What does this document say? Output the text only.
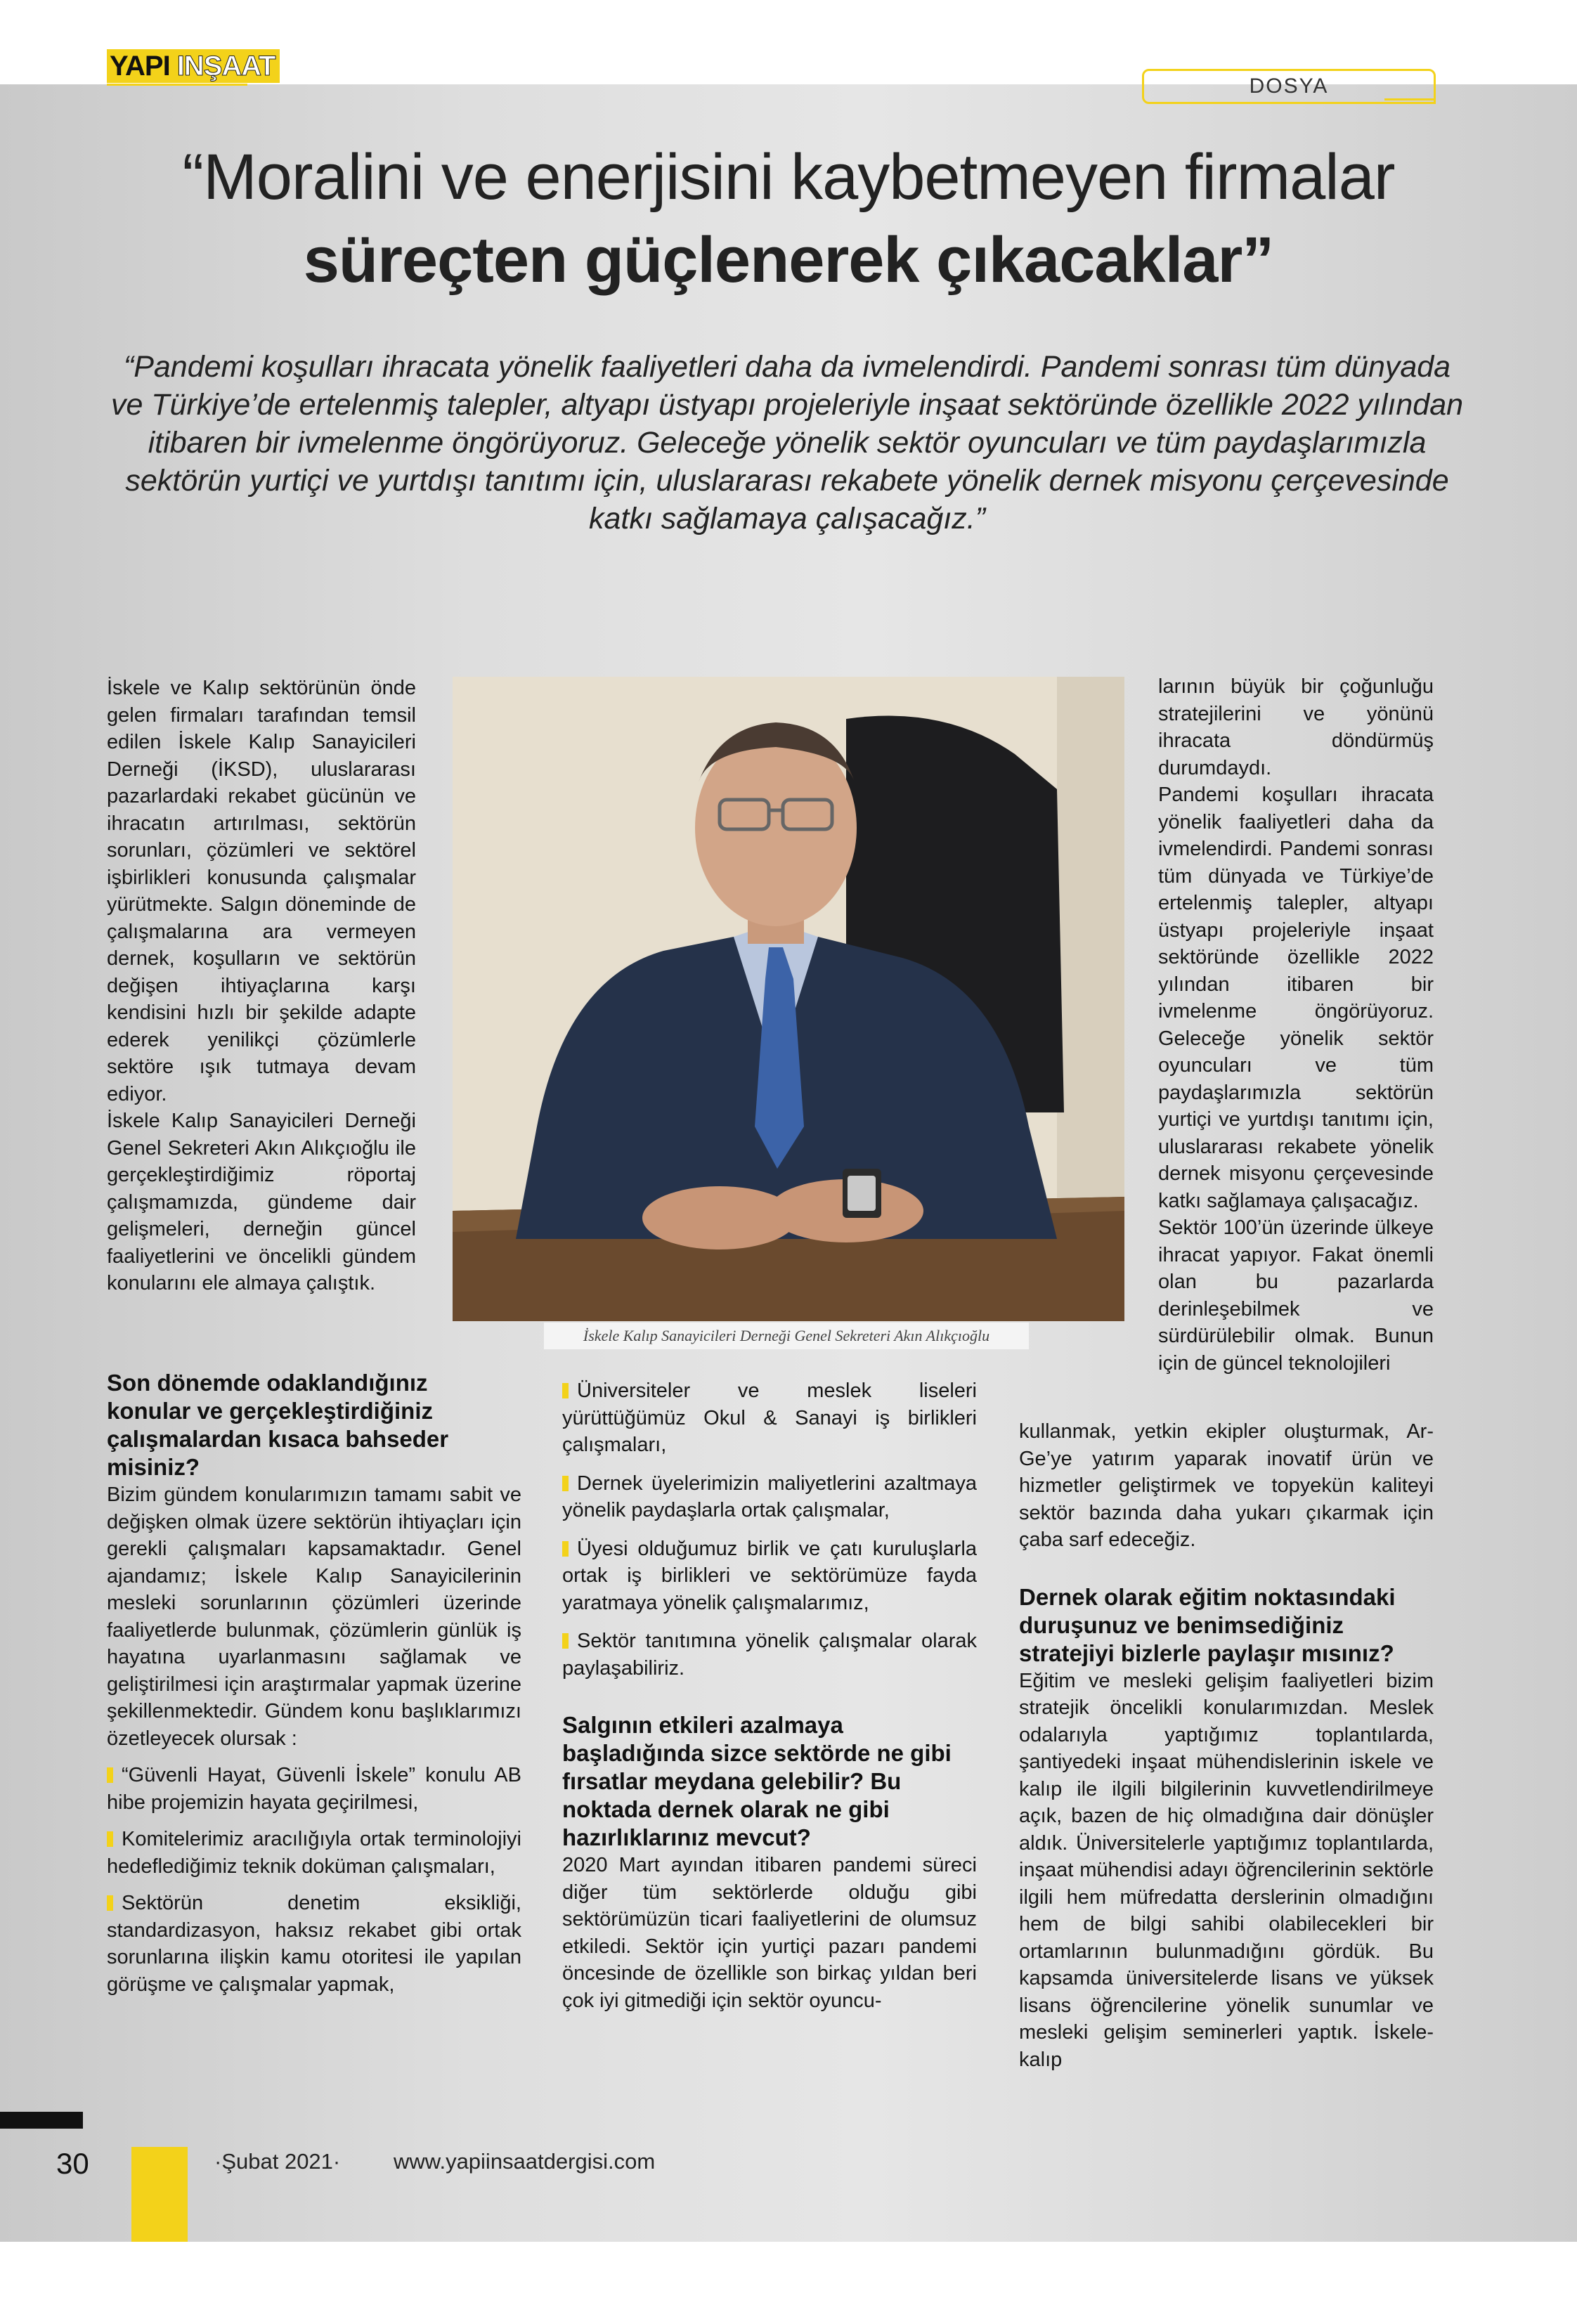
YAPI INŞAAT
DOSYA
“Moralini ve enerjisini kaybetmeyen firmalar
süreçten güçlenerek çıkacaklar”
“Pandemi koşulları ihracata yönelik faaliyetleri daha da ivmelendirdi. Pandemi sonrası tüm dünyada ve Türkiye’de ertelenmiş talepler, altyapı üstyapı projeleriyle inşaat sektöründe özellikle 2022 yılından itibaren bir ivmelenme öngörüyoruz. Geleceğe yönelik sektör oyuncuları ve tüm paydaşlarımızla sektörün yurtiçi ve yurtdışı tanıtımı için, uluslararası rekabete yönelik dernek misyonu çerçevesinde katkı sağlamaya çalışacağız.”

İskele ve Kalıp sektörünün önde gelen firmaları tarafından temsil edilen İskele Kalıp Sanayicileri Derneği (İKSD), uluslararası pazarlardaki rekabet gücünün ve ihracatın artırılması, sektörün sorunları, çözümleri ve sektörel işbirlikleri konusunda çalışmalar yürütmekte. Salgın döneminde de çalışmalarına ara vermeyen dernek, koşulların ve sektörün değişen ihtiyaçlarına karşı kendisini hızlı bir şekilde adapte ederek yenilikçi çözümlerle sektöre ışık tutmaya devam ediyor.

İskele Kalıp Sanayicileri Derneği Genel Sekreteri Akın Alıkçıoğlu ile gerçekleştirdiğimiz röportaj çalışmamızda, gündeme dair gelişmeleri, derneğin güncel faaliyetlerini ve öncelikli gündem konularını ele almaya çalıştık.

Son dönemde odaklandığınız konular ve gerçekleştirdiğiniz çalışmalardan kısaca bahseder misiniz?

Bizim gündem konularımızın tamamı sabit ve değişken olmak üzere sektörün ihtiyaçları için gerekli çalışmaları kapsamaktadır. Genel ajandamız; İskele Kalıp Sanayicilerinin mesleki sorunlarının çözümleri üzerinde faaliyetlerde bulunmak, çözümlerin günlük iş hayatına uyarlanmasını sağlamak ve geliştirilmesi için araştırmalar yapmak üzerine şekillenmektedir. Gündem konu başlıklarımızı özetleyecek olursak :

“Güvenli Hayat, Güvenli İskele” konulu AB hibe projemizin hayata geçirilmesi,

Komitelerimiz aracılığıyla ortak terminolojiyi hedeflediğimiz teknik doküman çalışmaları,

Sektörün denetim eksikliği, standardizasyon, haksız rekabet gibi ortak sorunlarına ilişkin kamu otoritesi ile yapılan görüşme ve çalışmalar yapmak,

İskele Kalıp Sanayicileri Derneği Genel Sekreteri Akın Alıkçıoğlu

Üniversiteler ve meslek liseleri yürüttüğümüz Okul & Sanayi iş birlikleri çalışmaları,

Dernek üyelerimizin maliyetlerini azaltmaya yönelik paydaşlarla ortak çalışmalar,

Üyesi olduğumuz birlik ve çatı kuruluşlarla ortak iş birlikleri ve sektörümüze fayda yaratmaya yönelik çalışmalarımız,

Sektör tanıtımına yönelik çalışmalar olarak paylaşabiliriz.

Salgının etkileri azalmaya başladığında sizce sektörde ne gibi fırsatlar meydana gelebilir? Bu noktada dernek olarak ne gibi hazırlıklarınız mevcut?

2020 Mart ayından itibaren pandemi süreci diğer tüm sektörlerde olduğu gibi sektörümüzün ticari faaliyetlerini de olumsuz etkiledi. Sektör için yurtiçi pazarı pandemi öncesinde de özellikle son birkaç yıldan beri çok iyi gitmediği için sektör oyuncu-

larının büyük bir çoğunluğu stratejilerini ve yönünü ihracata döndürmüş durumdaydı.

Pandemi koşulları ihracata yönelik faaliyetleri daha da ivmelendirdi. Pandemi sonrası tüm dünyada ve Türkiye’de ertelenmiş talepler, altyapı üstyapı projeleriyle inşaat sektöründe özellikle 2022 yılından itibaren bir ivmelenme öngörüyoruz. Geleceğe yönelik sektör oyuncuları ve tüm paydaşlarımızla sektörün yurtiçi ve yurtdışı tanıtımı için, uluslararası rekabete yönelik dernek misyonu çerçevesinde katkı sağlamaya çalışacağız.

Sektör 100’ün üzerinde ülkeye ihracat yapıyor. Fakat önemli olan bu pazarlarda derinleşebilmek ve sürdürülebilir olmak. Bunun için de güncel teknolojileri

kullanmak, yetkin ekipler oluşturmak, Ar-Ge’ye yatırım yaparak inovatif ürün ve hizmetler geliştirmek ve topyekün kaliteyi sektör bazında daha yukarı çıkarmak için çaba sarf edeceğiz.

Dernek olarak eğitim noktasındaki duruşunuz ve benimsediğiniz stratejiyi bizlerle paylaşır mısınız?

Eğitim ve mesleki gelişim faaliyetleri bizim stratejik öncelikli konularımızdan. Meslek odalarıyla yaptığımız toplantılarda, şantiyedeki inşaat mühendislerinin iskele ve kalıp ile ilgili bilgilerinin kuvvetlendirilmeye açık, bazen de hiç olmadığına dair dönüşler aldık. Üniversitelerle yaptığımız toplantılarda, inşaat mühendisi adayı öğrencilerinin sektörle ilgili hem müfredatta derslerinin olmadığını hem de bilgi sahibi olabilecekleri bir ortamlarının bulunmadığını gördük. Bu kapsamda üniversitelerde lisans ve yüksek lisans öğrencilerine yönelik sunumlar ve mesleki gelişim seminerleri yaptık. İskele-kalıp

30	·Şubat 2021· www.yapiinsaatdergisi.com
